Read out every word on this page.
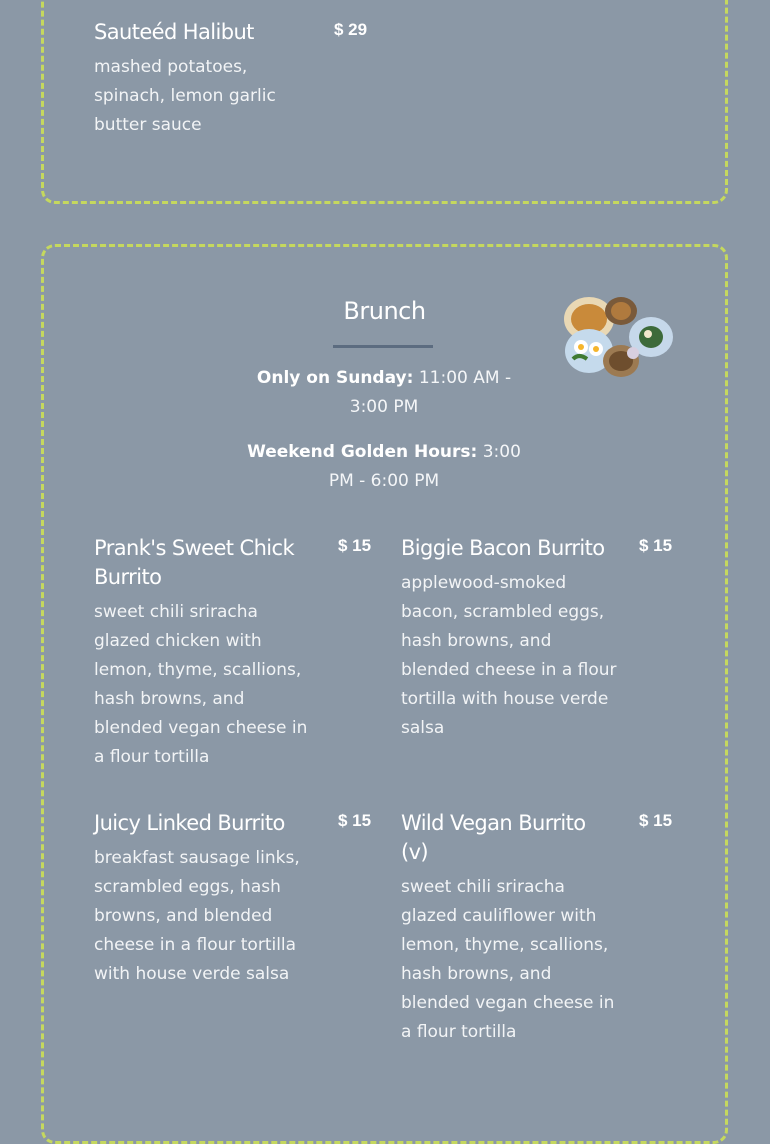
Sauteéd Halibut	$ 29
mashed potatoes, spinach, lemon garlic butter sauce
Brunch
Only on Sunday: 11:00 AM - 3:00 PM
Weekend Golden Hours: 3:00 PM - 6:00 PM
Prank's Sweet Chick Burrito
$ 15
sweet chili sriracha glazed chicken with lemon, thyme, scallions, hash browns, and blended vegan cheese in a flour tortilla
Biggie Bacon Burrito	$ 15
applewood-smoked bacon, scrambled eggs, hash browns, and blended cheese in a flour tortilla with house verde salsa
Juicy Linked Burrito	$ 15
breakfast sausage links, scrambled eggs, hash browns, and blended cheese in a flour tortilla with house verde salsa
Wild Vegan Burrito (v)
$ 15
sweet chili sriracha glazed cauliflower with lemon, thyme, scallions, hash browns, and blended vegan cheese in a flour tortilla
